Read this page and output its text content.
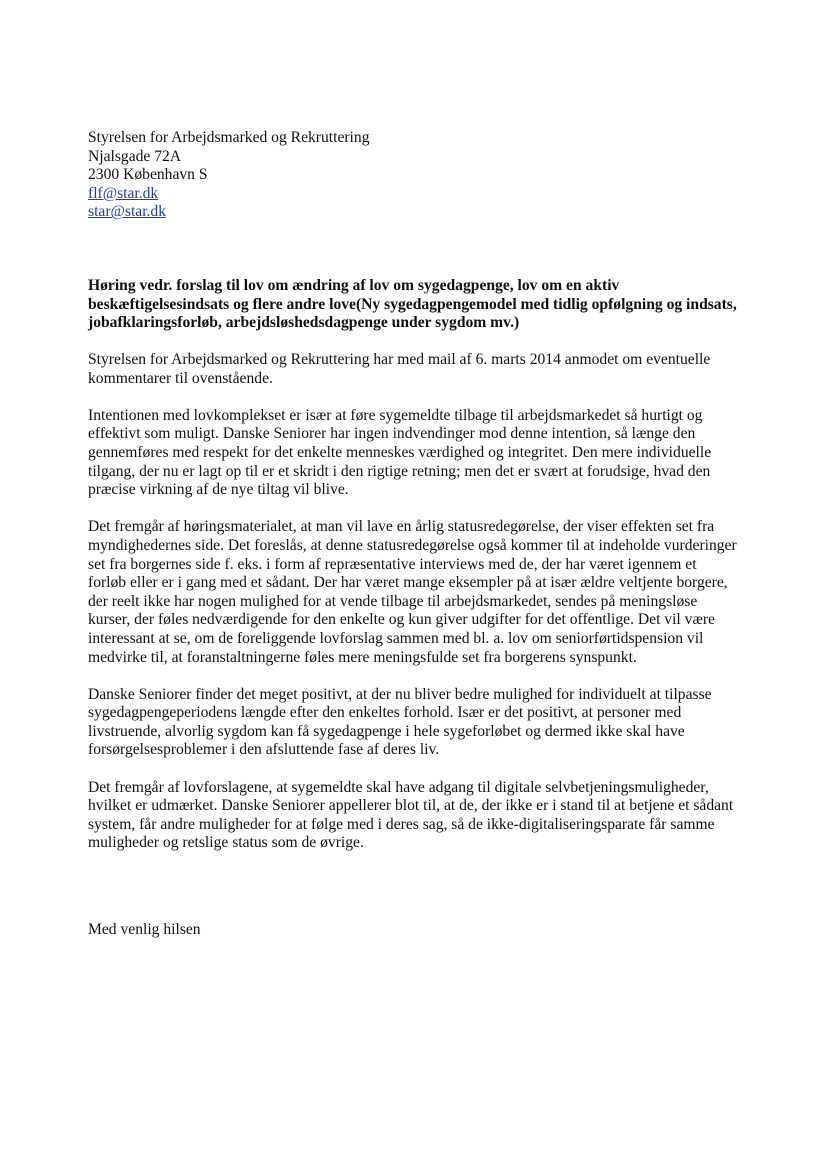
Styrelsen for Arbejdsmarked og Rekruttering
Njalsgade 72A
2300 København S
flf@star.dk
star@star.dk
Høring vedr. forslag til lov om ændring af lov om sygedagpenge, lov om en aktiv beskæftigelsesindsats og flere andre love(Ny sygedagpengemodel med tidlig opfølgning og indsats, jobafklaringsforløb, arbejdsløshedsdagpenge under sygdom mv.)

Styrelsen for Arbejdsmarked og Rekruttering har med mail af 6. marts 2014 anmodet om eventuelle kommentarer til ovenstående.

Intentionen med lovkomplekset er især at føre sygemeldte tilbage til arbejdsmarkedet så hurtigt og effektivt som muligt. Danske Seniorer har ingen indvendinger mod denne intention, så længe den gennemføres med respekt for det enkelte menneskes værdighed og integritet. Den mere individuelle tilgang, der nu er lagt op til er et skridt i den rigtige retning; men det er svært at forudsige, hvad den præcise virkning af de nye tiltag vil blive.

Det fremgår af høringsmaterialet, at man vil lave en årlig statusredegørelse, der viser effekten set fra myndighedernes side. Det foreslås, at denne statusredegørelse også kommer til at indeholde vurderinger set fra borgernes side f. eks. i form af repræsentative interviews med de, der har været igennem et forløb eller er i gang med et sådant. Der har været mange eksempler på at især ældre veltjente borgere, der reelt ikke har nogen mulighed for at vende tilbage til arbejdsmarkedet, sendes på meningsløse kurser, der føles nedværdigende for den enkelte og kun giver udgifter for det offentlige. Det vil være interessant at se, om de foreliggende lovforslag sammen med bl. a. lov om seniorførtidspension vil medvirke til, at foranstaltningerne føles mere meningsfulde set fra borgerens synspunkt.

Danske Seniorer finder det meget positivt, at der nu bliver bedre mulighed for individuelt at tilpasse sygedagpengeperiodens længde efter den enkeltes forhold. Især er det positivt, at personer med livstruende, alvorlig sygdom kan få sygedagpenge i hele sygeforløbet og dermed ikke skal have forsørgelsesproblemer i den afsluttende fase af deres liv.

Det fremgår af lovforslagene, at sygemeldte skal have adgang til digitale selvbetjeningsmuligheder, hvilket er udmærket. Danske Seniorer appellerer blot til, at de, der ikke er i stand til at betjene et sådant system, får andre muligheder for at følge med i deres sag, så de ikke-digitaliseringsparate får samme muligheder og retslige status som de øvrige.

Med venlig hilsen
